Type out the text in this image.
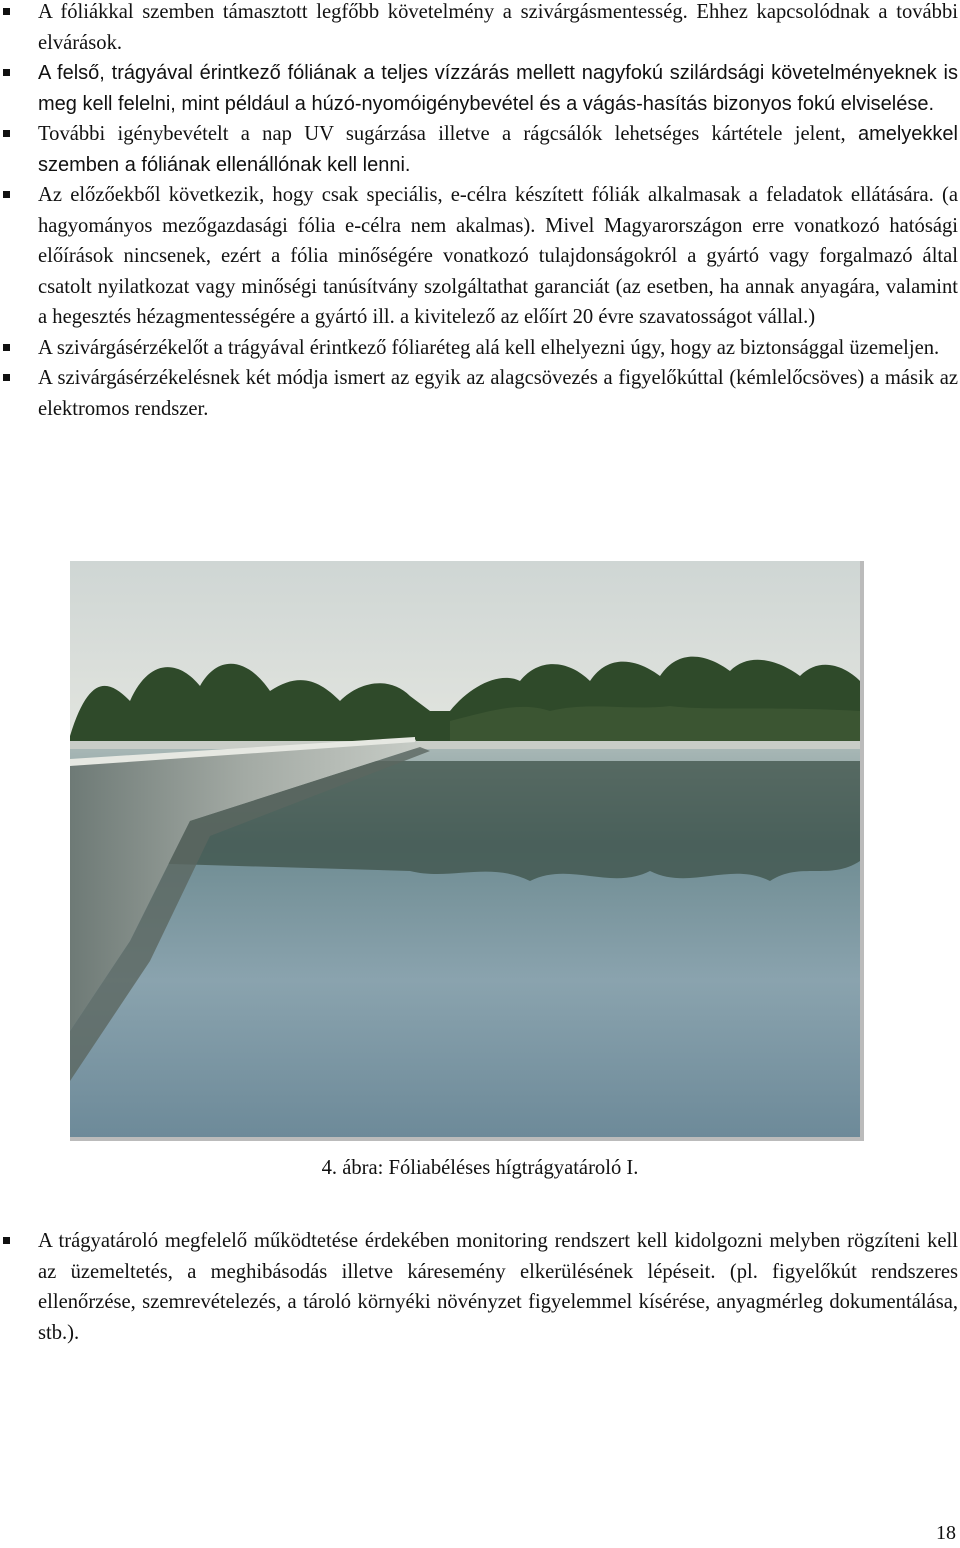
A fóliákkal szemben támasztott legfőbb követelmény a szivárgásmentesség. Ehhez kapcsolódnak a további elvárások.
A felső, trágyával érintkező fóliának a teljes vízzárás mellett nagyfokú szilárdsági követelményeknek is meg kell felelni, mint például a húzó-nyomóigénybevétel és a vágás-hasítás bizonyos fokú elviselése.
További igénybevételt a nap UV sugárzása illetve a rágcsálók lehetséges kártétele jelent, amelyekkel szemben a fóliának ellenállónak kell lenni.
Az előzőekből következik, hogy csak speciális, e-célra készített fóliák alkalmasak a feladatok ellátására. (a hagyományos mezőgazdasági fólia e-célra nem akalmas). Mivel Magyarországon erre vonatkozó hatósági előírások nincsenek, ezért a fólia minőségére vonatkozó tulajdonságokról a gyártó vagy forgalmazó által csatolt nyilatkozat vagy minőségi tanúsítvány szolgáltathat garanciát (az esetben, ha annak anyagára, valamint a hegesztés hézagmentességére a gyártó ill. a kivitelező az előírt 20 évre szavatosságot vállal.)
A szivárgásérzékelőt a trágyával érintkező fóliaréteg alá kell elhelyezni úgy, hogy az biztonsággal üzemeljen.
A szivárgásérzékelésnek két módja ismert az egyik az alagcsövezés a figyelőkúttal (kémlelőcsöves) a másik az elektromos rendszer.
4. ábra: Fóliabéléses hígtrágyatároló I.
A trágyatároló megfelelő működtetése érdekében monitoring rendszert kell kidolgozni melyben rögzíteni kell az üzemeltetés, a meghibásodás illetve káresemény elkerülésének lépéseit. (pl. figyelőkút rendszeres ellenőrzése, szemrevételezés, a tároló környéki növényzet figyelemmel kísérése, anyagmérleg dokumentálása, stb.).
18
